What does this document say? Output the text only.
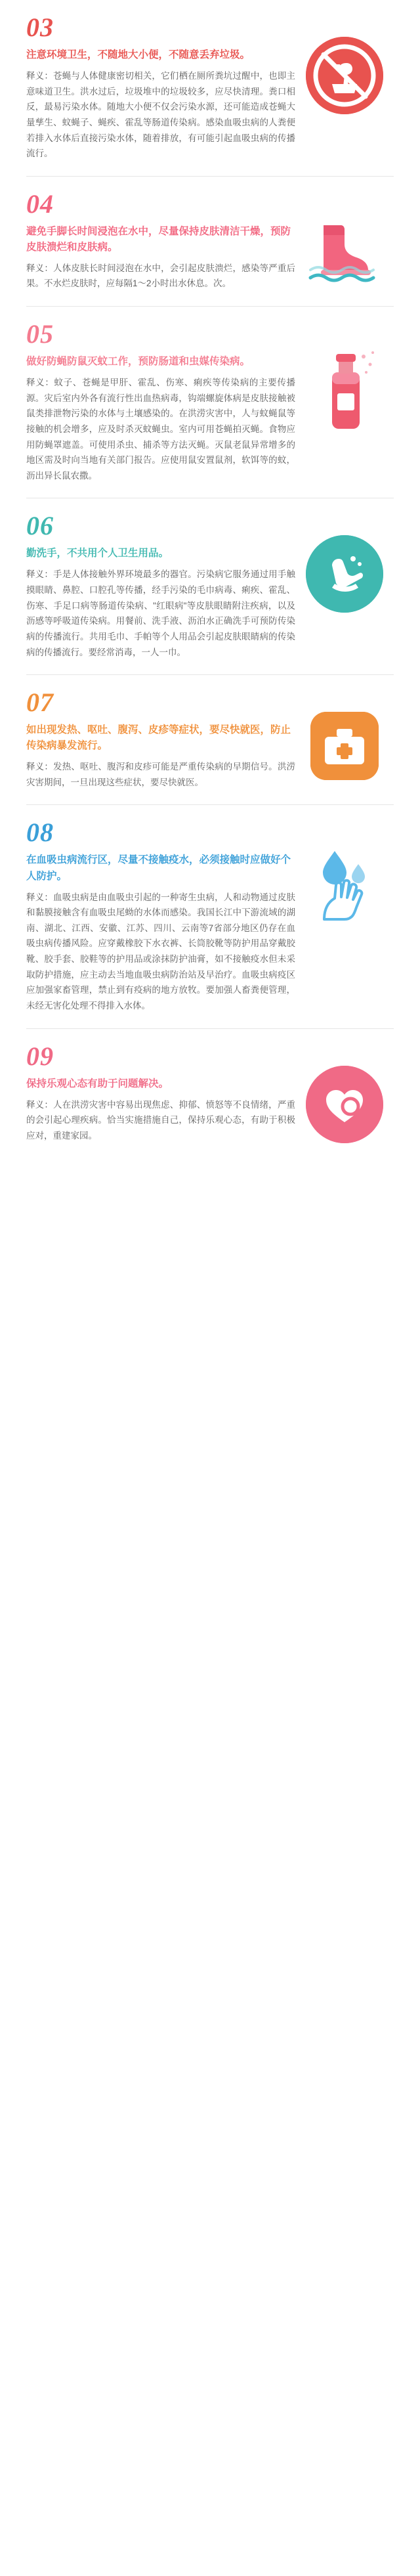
03
注意环境卫生，不随地大小便，不随意丢弃垃圾。

释义：苍蝇与人体健康密切相关，它们栖在厕所粪坑过醒中，也即主意味道卫生。洪水过后，垃圾堆中的垃圾较多，应尽快清理。粪口相反，最易污染水体。随地大小便不仅会污染水源，还可能造成苍蝇大量孳生、蚊蝇子、蝇疾、霍乱等肠道传染病。感染血吸虫病的人粪便若排入水体后直接污染水体，随着排放，有可能引起血吸虫病的传播流行。

04
避免手脚长时间浸泡在水中，尽量保持皮肤清洁干燥，预防皮肤溃烂和皮肤病。

释义：人体皮肤长时间浸泡在水中，会引起皮肤溃烂，感染等严重后果。不水烂皮肤时，应每隔1～2小时出水休息。次。

05
做好防蝇防鼠灭蚊工作，预防肠道和虫媒传染病。

释义：蚊子、苍蝇是甲肝、霍乱、伤寒、痢疾等传染病的主要传播源。灾后室内外各有流行性出血热病毒，钩端螺旋体病是皮肤接触被鼠类排泄物污染的水体与土壤感染的。在洪涝灾害中，人与蚊蝇鼠等接触的机会增多，应及时杀灭蚊蝇虫。室内可用苍蝇拍灭蝇。食物应用防蝇罩遮盖。可使用杀虫、捕杀等方法灭蝇。灭鼠老鼠异常增多的地区需及时向当地有关部门报告。应使用鼠安置鼠剂，软饵等的蚊，沥出异长鼠农撒。

06
勤洗手，不共用个人卫生用品。

释义：手是人体接触外界环境最多的器官。污染病它服务通过用手触摸眼睛、鼻腔、口腔孔等传播，经手污染的毛巾病毒、痢疾、霍乱、伤寒、手足口病等肠道传染病、"红眼病"等皮肤眼睛附注疾病，以及沥感等呼吸道传染病。用餐前、洗手液、沥泊水正确洗手可预防传染病的传播流行。共用毛巾、手帕等个人用品会引起皮肤眼睛病的传染病的传播流行。要经常消毒，一人一巾。

07
如出现发热、呕吐、腹泻、皮疹等症状，要尽快就医，防止传染病暴发流行。

释义：发热、呕吐、腹泻和皮疹可能是严重传染病的早期信号。洪涝灾害期间，一旦出现这些症状，要尽快就医。

08
在血吸虫病流行区，尽量不接触疫水，必须接触时应做好个人防护。

释义：血吸虫病是由血吸虫引起的一种寄生虫病，人和动物通过皮肤和黏膜接触含有血吸虫尾蚴的水体而感染。我国长江中下游流域的湖南、湖北、江西、安徽、江苏、四川、云南等7省部分地区仍存在血吸虫病传播风险。应穿戴橡胶下水衣裤、长筒胶靴等防护用品穿戴胶靴、胶手套、胶鞋等的护用品或涂抹防护油膏，如不接触疫水但未采取防护措施，应主动去当地血吸虫病防治站及早治疗。血吸虫病疫区应加强家畜管理，禁止到有疫病的地方放牧。要加强人畜粪便管理，未经无害化处理不得排入水体。

09
保持乐观心态有助于问题解决。

释义：人在洪涝灾害中容易出现焦虑、抑郁、愤怒等不良情绪，严重的会引起心理疾病。恰当实施措施自己，保持乐观心态，有助于积极应对，重建家园。
